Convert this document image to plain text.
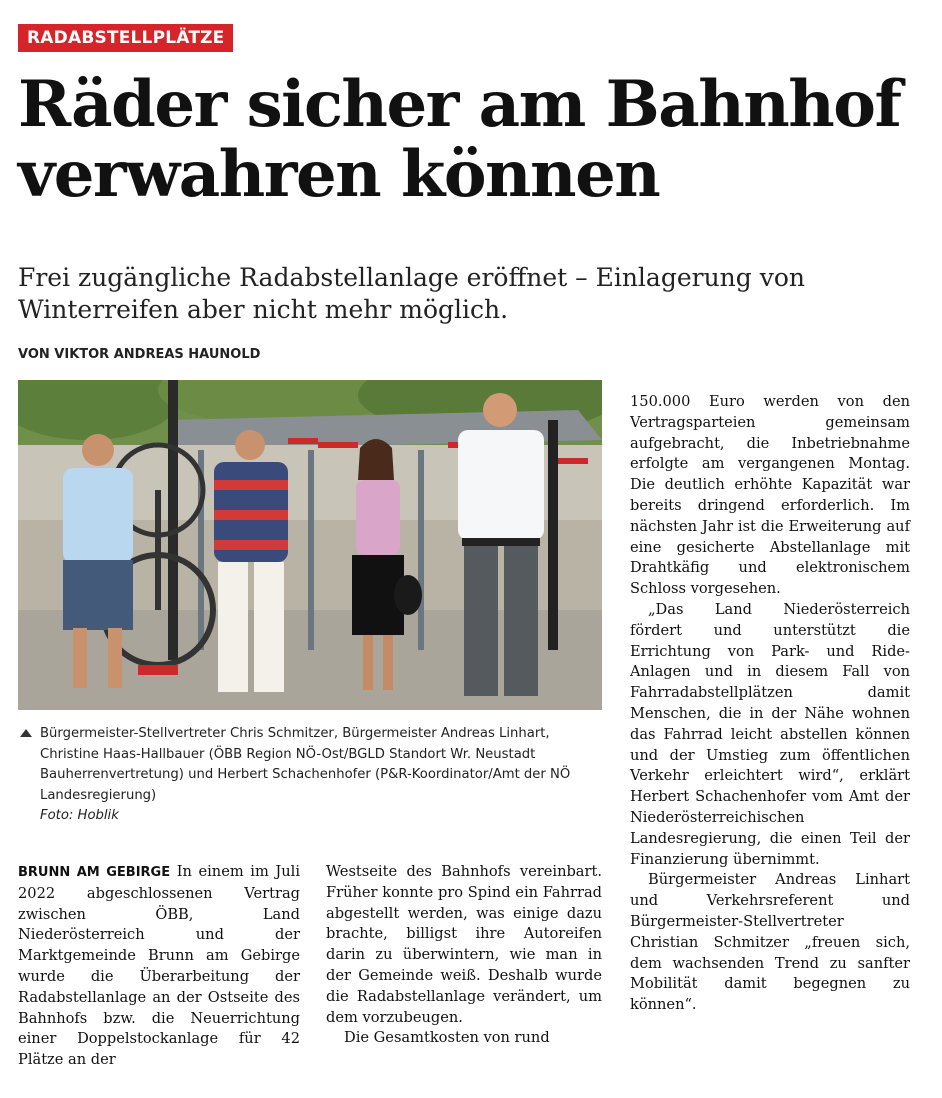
RADABSTELLPLÄTZE
Räder sicher am Bahnhof verwahren können

Frei zugängliche Radabstellanlage eröffnet – Einlagerung von Winterreifen aber nicht mehr möglich.

VON VIKTOR ANDREAS HAUNOLD
Bürgermeister-Stellvertreter Chris Schmitzer, Bürgermeister Andreas Linhart, Christine Haas-Hallbauer (ÖBB Region NÖ-Ost/BGLD Standort Wr. Neustadt Bauherrenvertretung) und Herbert Schachenhofer (P&R-Koordinator/Amt der NÖ Landesregierung)
Foto: Hoblik

BRUNN AM GEBIRGE In einem im Juli 2022 abgeschlossenen Vertrag zwischen ÖBB, Land Niederösterreich und der Marktgemeinde Brunn am Gebirge wurde die Überarbeitung der Radabstellanlage an der Ostseite des Bahnhofs bzw. die Neuerrichtung einer Doppelstockanlage für 42 Plätze an der

Westseite des Bahnhofs vereinbart. Früher konnte pro Spind ein Fahrrad abgestellt werden, was einige dazu brachte, billigst ihre Autoreifen darin zu überwintern, wie man in der Gemeinde weiß. Deshalb wurde die Radabstellanlage verändert, um dem vorzubeugen.

Die Gesamtkosten von rund

150.000 Euro werden von den Vertragsparteien gemeinsam aufgebracht, die Inbetriebnahme erfolgte am vergangenen Montag. Die deutlich erhöhte Kapazität war bereits dringend erforderlich. Im nächsten Jahr ist die Erweiterung auf eine gesicherte Abstellanlage mit Drahtkäfig und elektronischem Schloss vorgesehen.

„Das Land Niederösterreich fördert und unterstützt die Errichtung von Park- und Ride-Anlagen und in diesem Fall von Fahrradabstellplätzen damit Menschen, die in der Nähe wohnen das Fahrrad leicht abstellen können und der Umstieg zum öffentlichen Verkehr erleichtert wird“, erklärt Herbert Schachenhofer vom Amt der Niederösterreichischen Landesregierung, die einen Teil der Finanzierung übernimmt.

Bürgermeister Andreas Linhart und Verkehrsreferent und Bürgermeister-Stellvertreter Christian Schmitzer „freuen sich, dem wachsenden Trend zu sanfter Mobilität damit begegnen zu können“.
